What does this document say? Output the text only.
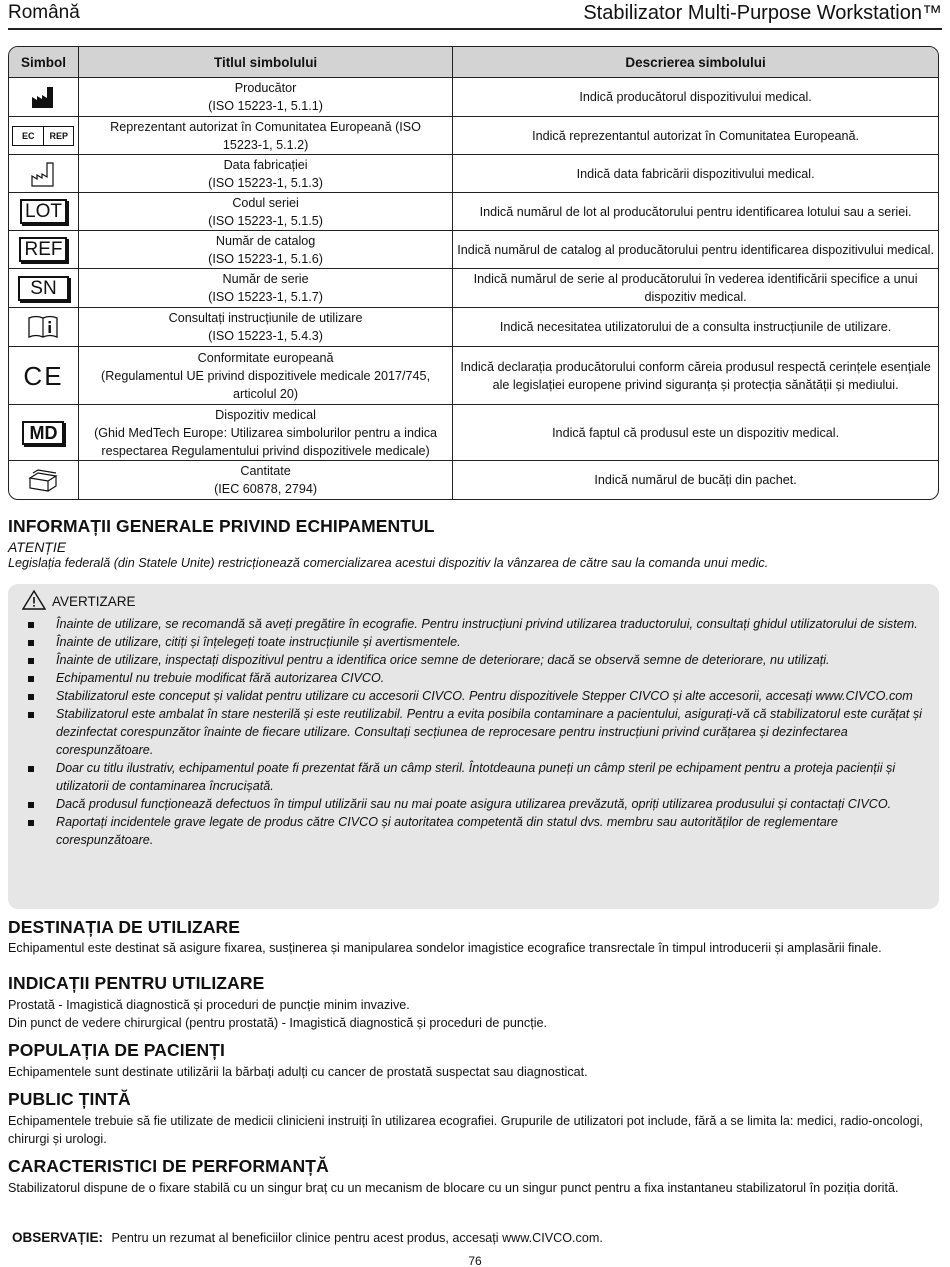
Română	Stabilizator Multi-Purpose Workstation™
Simbol	Titlul simbolului	Descrierea simbolului

	Producător
(ISO 15223-1, 5.1.1)	Indică producătorul dispozitivului medical.

EC REP	Reprezentant autorizat în Comunitatea Europeană (ISO
15223-1, 5.1.2)	Indică reprezentantul autorizat în Comunitatea Europeană.

	Data fabricației
(ISO 15223-1, 5.1.3)	Indică data fabricării dispozitivului medical.

LOT	Codul seriei
(ISO 15223-1, 5.1.5)	Indică numărul de lot al producătorului pentru identificarea lotului sau a seriei.

REF	Număr de catalog
(ISO 15223-1, 5.1.6)	Indică numărul de catalog al producătorului pentru identificarea dispozitivului medical.

SN	Număr de serie
(ISO 15223-1, 5.1.7)	Indică numărul de serie al producătorului în vederea identificării specifice a unui dispozitiv medical.

	Consultați instrucțiunile de utilizare
(ISO 15223-1, 5.4.3)	Indică necesitatea utilizatorului de a consulta instrucțiunile de utilizare.

CE	Conformitate europeană
(Regulamentul UE privind dispozitivele medicale 2017/745,
articolul 20)	Indică declarația producătorului conform căreia produsul respectă cerințele esențiale ale legislației europene privind siguranța și protecția sănătății și mediului.

MD	Dispozitiv medical
(Ghid MedTech Europe: Utilizarea simbolurilor pentru a indica
respectarea Regulamentului privind dispozitivele medicale)	Indică faptul că produsul este un dispozitiv medical.

	Cantitate
(IEC 60878, 2794)	Indică numărul de bucăți din pachet.
INFORMAȚII GENERALE PRIVIND ECHIPAMENTUL
ATENȚIE
Legislația federală (din Statele Unite) restricționează comercializarea acestui dispozitiv la vânzarea de către sau la comanda unui medic.
AVERTIZARE
Înainte de utilizare, se recomandă să aveți pregătire în ecografie. Pentru instrucțiuni privind utilizarea traductorului, consultați ghidul utilizatorului de sistem.
Înainte de utilizare, citiți și înțelegeți toate instrucțiunile și avertismentele.
Înainte de utilizare, inspectați dispozitivul pentru a identifica orice semne de deteriorare; dacă se observă semne de deteriorare, nu utilizați.
Echipamentul nu trebuie modificat fără autorizarea CIVCO.
Stabilizatorul este conceput și validat pentru utilizare cu accesorii CIVCO. Pentru dispozitivele Stepper CIVCO și alte accesorii, accesați www.CIVCO.com
Stabilizatorul este ambalat în stare nesterilă și este reutilizabil. Pentru a evita posibila contaminare a pacientului, asigurați-vă că stabilizatorul este curățat și dezinfectat corespunzător înainte de fiecare utilizare. Consultați secțiunea de reprocesare pentru instrucțiuni privind curățarea și dezinfectarea corespunzătoare.
Doar cu titlu ilustrativ, echipamentul poate fi prezentat fără un câmp steril. Întotdeauna puneți un câmp steril pe echipament pentru a proteja pacienții și utilizatorii de contaminarea încrucișată.
Dacă produsul funcționează defectuos în timpul utilizării sau nu mai poate asigura utilizarea prevăzută, opriți utilizarea produsului și contactați CIVCO.
Raportați incidentele grave legate de produs către CIVCO și autoritatea competentă din statul dvs. membru sau autorităților de reglementare corespunzătoare.
DESTINAȚIA DE UTILIZARE
Echipamentul este destinat să asigure fixarea, susținerea și manipularea sondelor imagistice ecografice transrectale în timpul introducerii și amplasării finale.
INDICAȚII PENTRU UTILIZARE
Prostată - Imagistică diagnostică și proceduri de puncție minim invazive.
Din punct de vedere chirurgical (pentru prostată) - Imagistică diagnostică și proceduri de puncție.
POPULAȚIA DE PACIENȚI
Echipamentele sunt destinate utilizării la bărbați adulți cu cancer de prostată suspectat sau diagnosticat.
PUBLIC ȚINTĂ
Echipamentele trebuie să fie utilizate de medicii clinicieni instruiți în utilizarea ecografiei. Grupurile de utilizatori pot include, fără a se limita la: medici, radio-oncologi, chirurgi și urologi.
CARACTERISTICI DE PERFORMANȚĂ
Stabilizatorul dispune de o fixare stabilă cu un singur braț cu un mecanism de blocare cu un singur punct pentru a fixa instantaneu stabilizatorul în poziția dorită.
OBSERVAȚIE: Pentru un rezumat al beneficiilor clinice pentru acest produs, accesați www.CIVCO.com.
76
